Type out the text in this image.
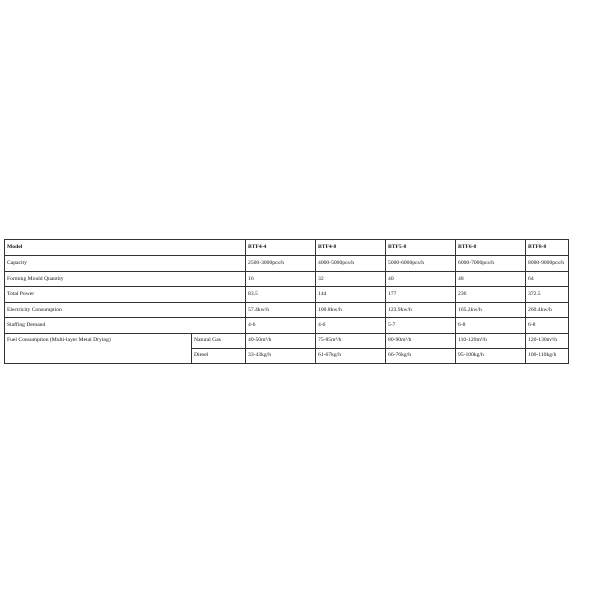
Model		BTF4-4	BTF4-8	BTF5-8	BTF6-8	BTF8-8
Capacity		2500-3000pcs/h	4000-5000pcs/h	5000-6000pcs/h	6000-7000pcs/h	8000-9000pcs/h
Forming Mould Quantity		16	32	40	48	64
Total Power		83.5	144	177	236	372.5
Electricity Consumption		57.4kw/h	100.8kw/h	123.9kw/h	165.2kw/h	260.4kw/h
Staffing Demand		4-6	4-6	5-7	6-8	6-8
Fuel Consumption (Multi-layer Metal Drying)	Natural Gas	40-50m³/h	75-85m³/h	80-90m³/h	110-120m³/h	120-130m³/h
	Diesel	33-43kg/h	61-67kg/h	66-76kg/h	95-100kg/h	100-110kg/h
